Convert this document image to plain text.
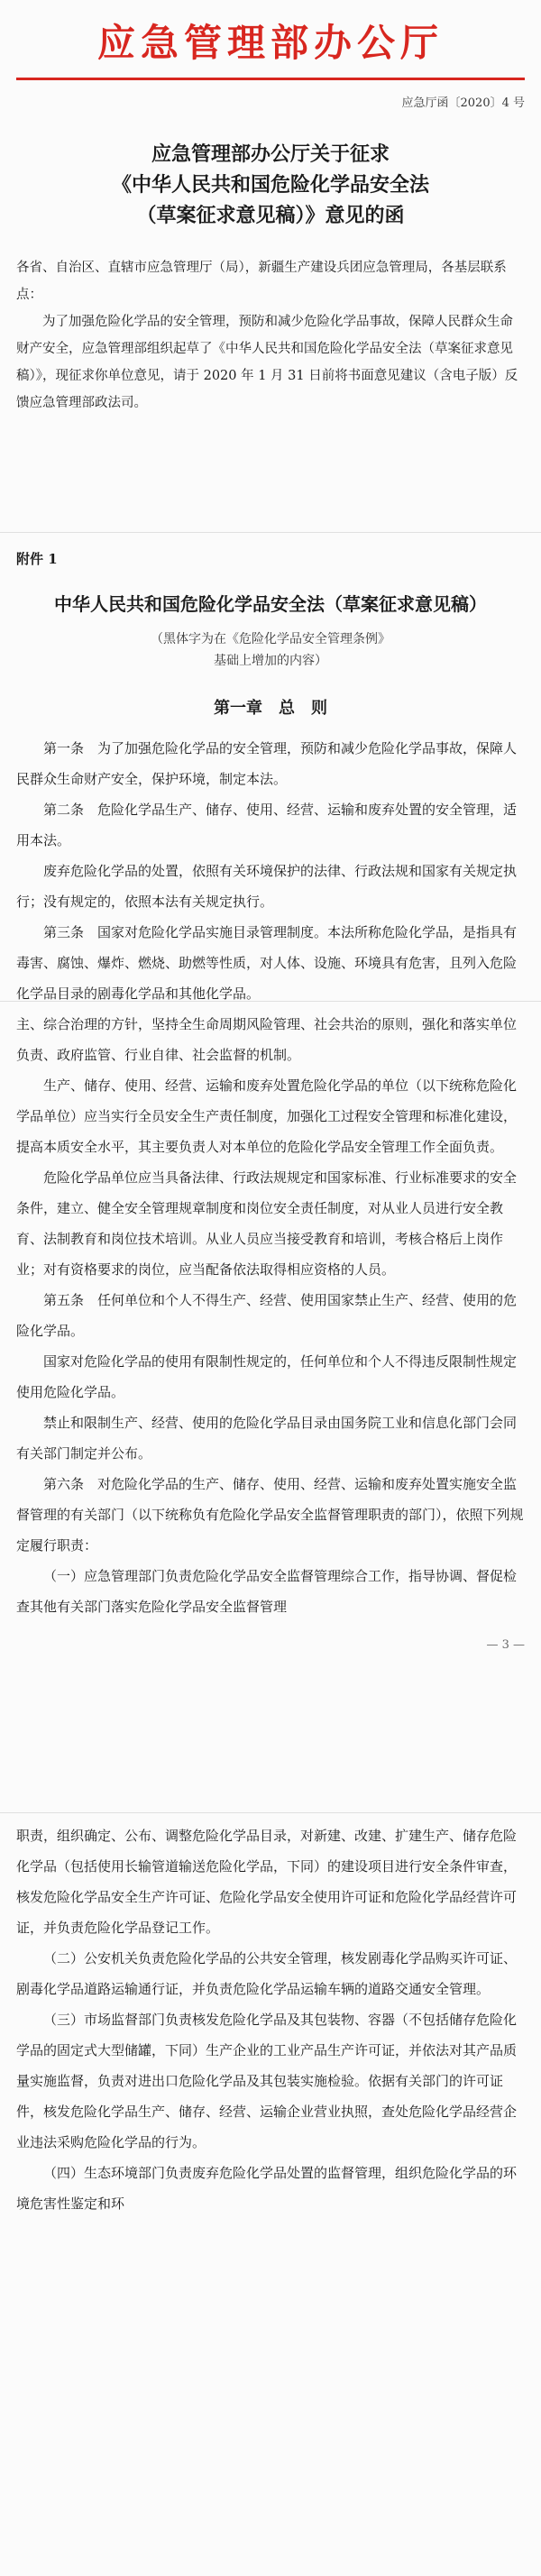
应急管理部办公厅
应急厅函〔2020〕4 号
应急管理部办公厅关于征求
《中华人民共和国危险化学品安全法
（草案征求意见稿）》意见的函
各省、自治区、直辖市应急管理厅（局），新疆生产建设兵团应急管理局，各基层联系点：
为了加强危险化学品的安全管理，预防和减少危险化学品事故，保障人民群众生命财产安全，应急管理部组织起草了《中华人民共和国危险化学品安全法（草案征求意见稿）》，现征求你单位意见，请于 2020 年 1 月 31 日前将书面意见建议（含电子版）反馈应急管理部政法司。
附件 1
中华人民共和国危险化学品安全法（草案征求意见稿）
（黑体字为在《危险化学品安全管理条例》
基础上增加的内容）
第一章　总　则
第一条　为了加强危险化学品的安全管理，预防和减少危险化学品事故，保障人民群众生命财产安全，保护环境，制定本法。
第二条　危险化学品生产、储存、使用、经营、运输和废弃处置的安全管理，适用本法。
废弃危险化学品的处置，依照有关环境保护的法律、行政法规和国家有关规定执行；没有规定的，依照本法有关规定执行。
第三条　国家对危险化学品实施目录管理制度。本法所称危险化学品，是指具有毒害、腐蚀、爆炸、燃烧、助燃等性质，对人体、设施、环境具有危害，且列入危险化学品目录的剧毒化学品和其他化学品。
主、综合治理的方针，坚持全生命周期风险管理、社会共治的原则，强化和落实单位负责、政府监管、行业自律、社会监督的机制。
生产、储存、使用、经营、运输和废弃处置危险化学品的单位（以下统称危险化学品单位）应当实行全员安全生产责任制度，加强化工过程安全管理和标准化建设，提高本质安全水平，其主要负责人对本单位的危险化学品安全管理工作全面负责。
危险化学品单位应当具备法律、行政法规规定和国家标准、行业标准要求的安全条件，建立、健全安全管理规章制度和岗位安全责任制度，对从业人员进行安全教育、法制教育和岗位技术培训。从业人员应当接受教育和培训，考核合格后上岗作业；对有资格要求的岗位，应当配备依法取得相应资格的人员。
第五条　任何单位和个人不得生产、经营、使用国家禁止生产、经营、使用的危险化学品。
国家对危险化学品的使用有限制性规定的，任何单位和个人不得违反限制性规定使用危险化学品。
禁止和限制生产、经营、使用的危险化学品目录由国务院工业和信息化部门会同有关部门制定并公布。
第六条　对危险化学品的生产、储存、使用、经营、运输和废弃处置实施安全监督管理的有关部门（以下统称负有危险化学品安全监督管理职责的部门），依照下列规定履行职责：
（一）应急管理部门负责危险化学品安全监督管理综合工作，指导协调、督促检查其他有关部门落实危险化学品安全监督管理
— 3 —
职责，组织确定、公布、调整危险化学品目录，对新建、改建、扩建生产、储存危险化学品（包括使用长输管道输送危险化学品，下同）的建设项目进行安全条件审查，核发危险化学品安全生产许可证、危险化学品安全使用许可证和危险化学品经营许可证，并负责危险化学品登记工作。
（二）公安机关负责危险化学品的公共安全管理，核发剧毒化学品购买许可证、剧毒化学品道路运输通行证，并负责危险化学品运输车辆的道路交通安全管理。
（三）市场监督部门负责核发危险化学品及其包装物、容器（不包括储存危险化学品的固定式大型储罐，下同）生产企业的工业产品生产许可证，并依法对其产品质量实施监督，负责对进出口危险化学品及其包装实施检验。依据有关部门的许可证件，核发危险化学品生产、储存、经营、运输企业营业执照，查处危险化学品经营企业违法采购危险化学品的行为。
（四）生态环境部门负责废弃危险化学品处置的监督管理，组织危险化学品的环境危害性鉴定和环
